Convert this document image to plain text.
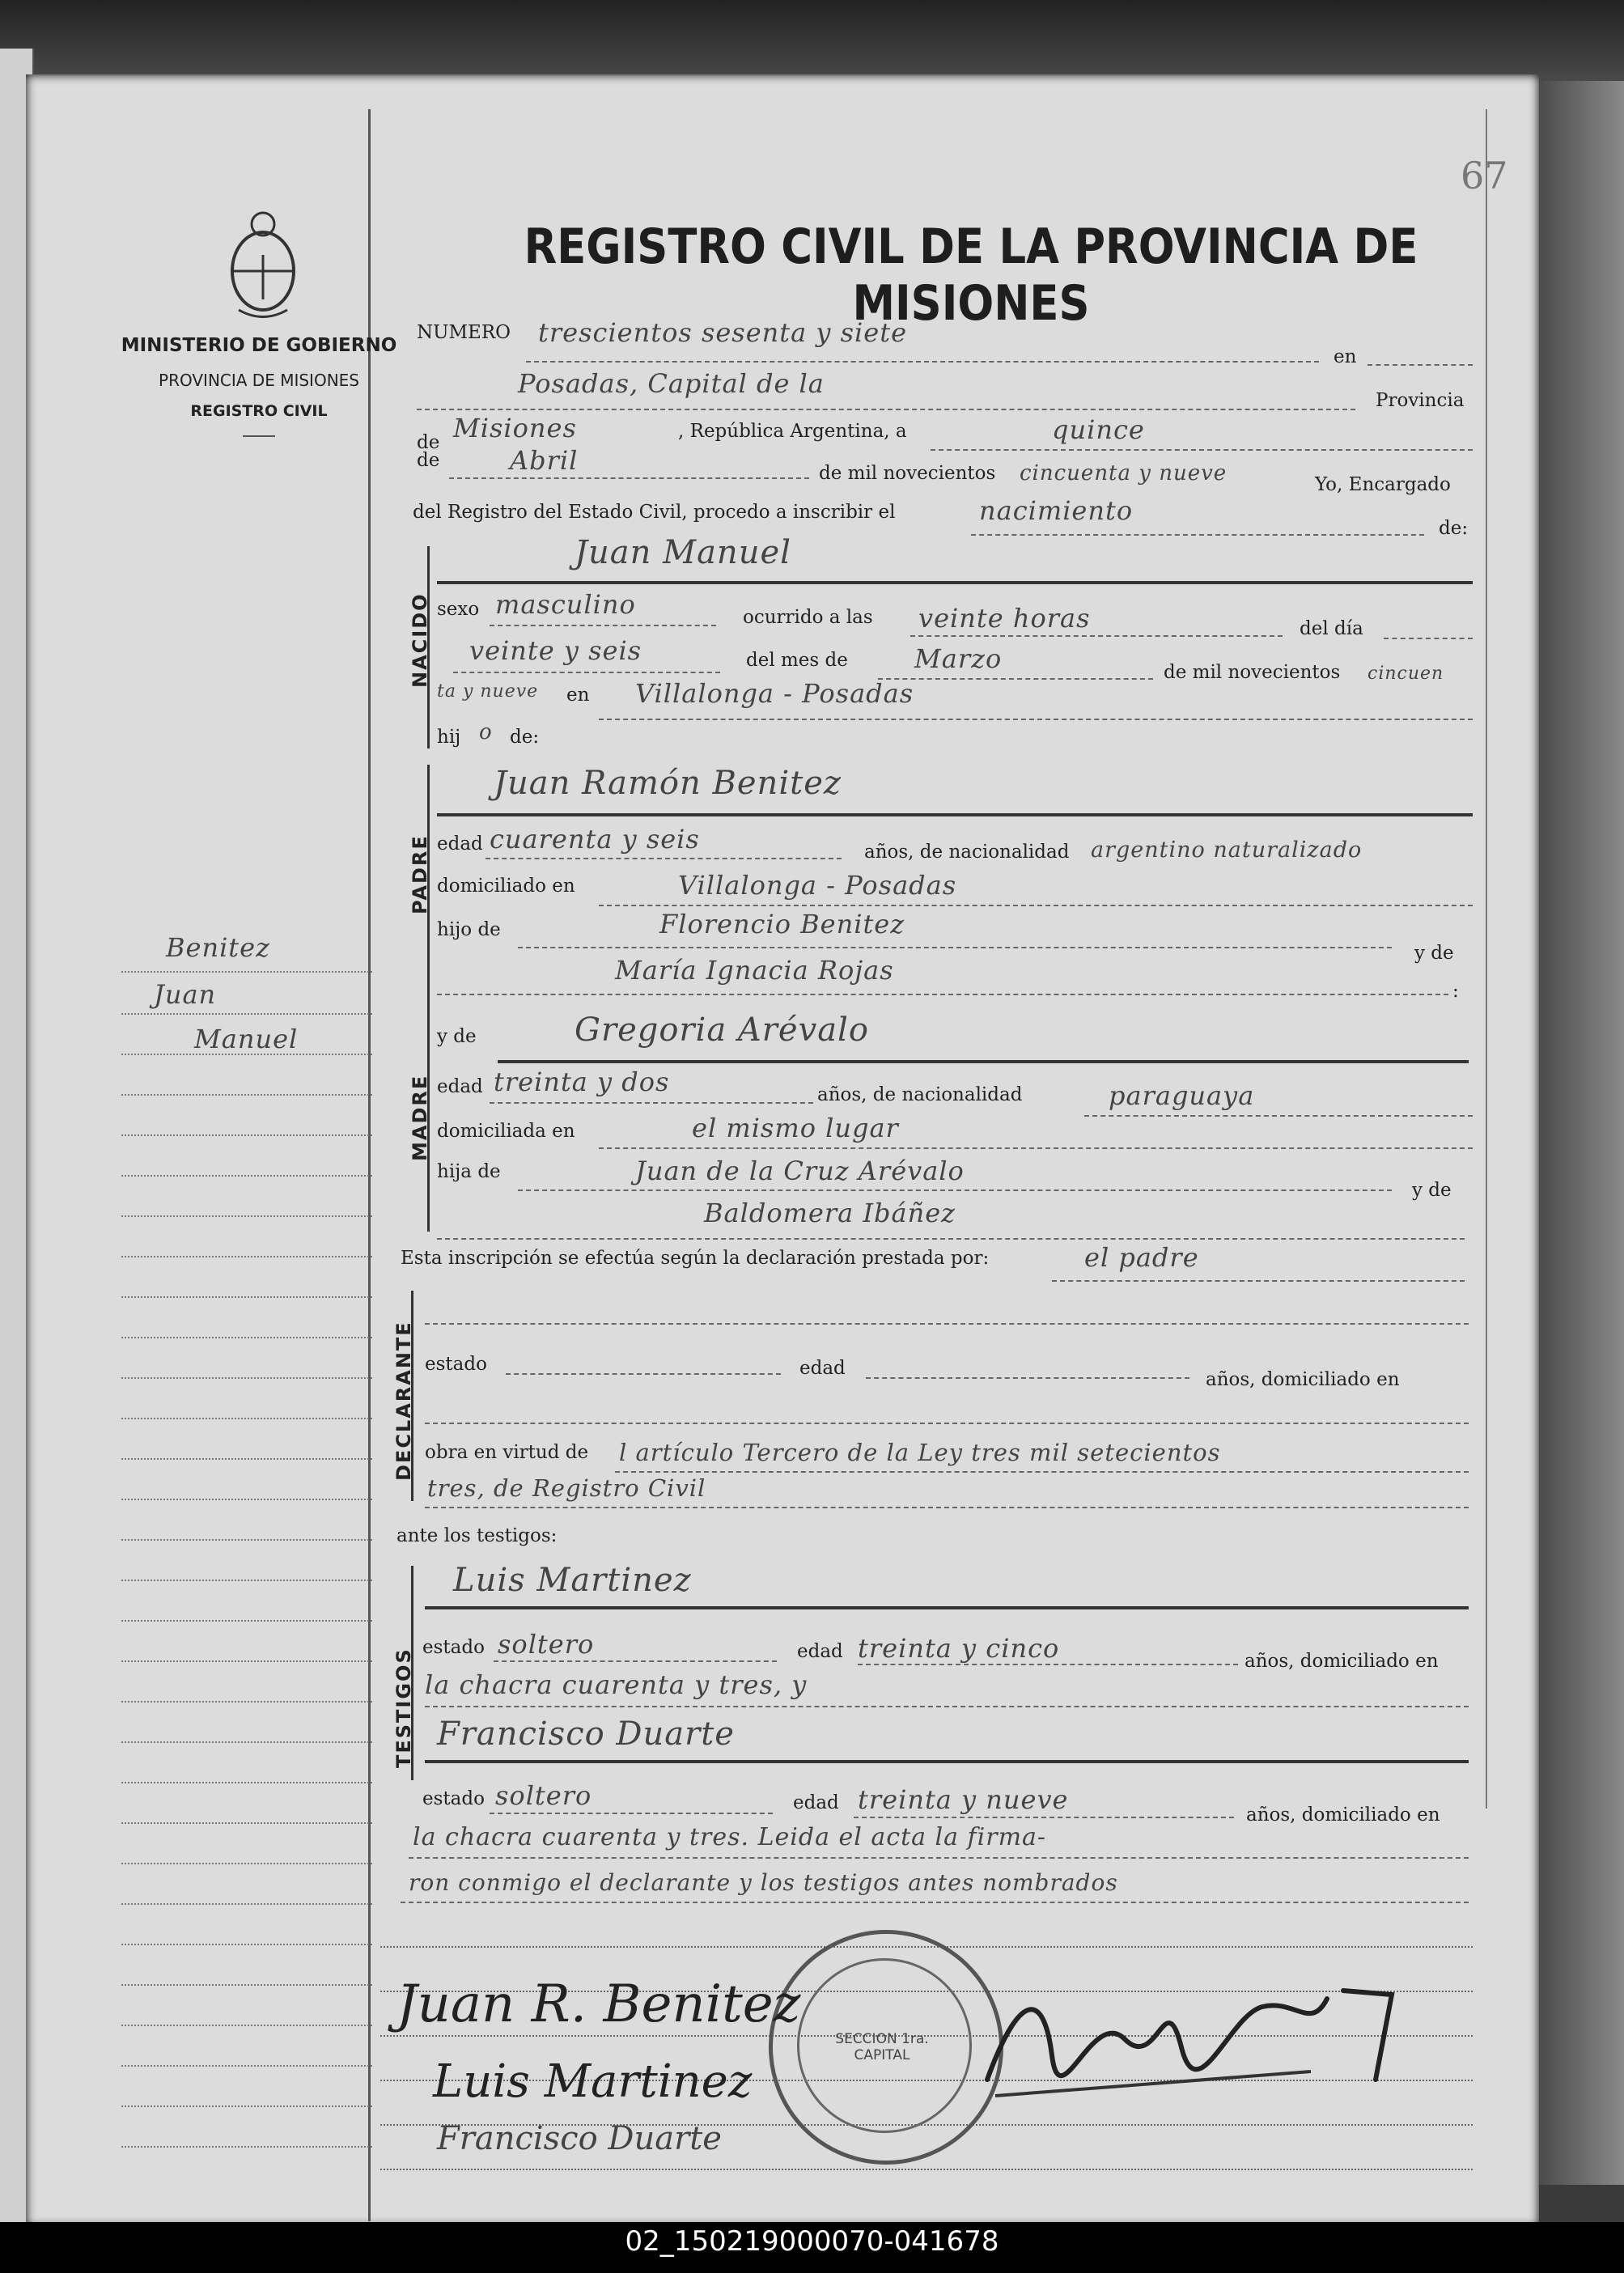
67
MINISTERIO DE GOBIERNO
PROVINCIA DE MISIONES
REGISTRO CIVIL
Benitez
Juan
Manuel
REGISTRO CIVIL DE LA PROVINCIA DE MISIONES
NUMERO trescientos sesenta y siete
en
Posadas, Capital de la
Provincia
de Misiones	, República Argentina, a	quince
de	Abril	de mil novecientos cincuenta y nueve	Yo, Encargado
del Registro del Estado Civil, procedo a inscribir el	nacimiento
de:
NACIDO
Juan Manuel
sexo masculino	ocurrido a las veinte horas	del día
veinte y seis	del mes de	Marzo	de mil novecientos cincuen
ta y nueve en Villalonga - Posadas
hij o de:
PADRE
Juan Ramón Benitez
edad cuarenta y seis	años, de nacionalidad argentino naturalizado
domiciliado en	Villalonga - Posadas
hijo de	Florencio Benitez
y de
María Ignacia Rojas
:
MADRE
y de	Gregoria Arévalo
edad treinta y dos	años, de nacionalidad	paraguaya
domiciliada en	el mismo lugar
hija de	Juan de la Cruz Arévalo
y de
Baldomera Ibáñez
Esta inscripción se efectúa según la declaración prestada por:	el padre
DECLARANTE estado	edad
años, domiciliado en
obra en virtud de l artículo Tercero de la Ley tres mil setecientos
tres, de Registro Civil
ante los testigos:
TESTIGOS
Luis Martinez
estado soltero	edad treinta y cinco	años, domiciliado en
la chacra cuarenta y tres, y
Francisco Duarte
estado soltero	edad treinta y nueve	años, domiciliado en
la chacra cuarenta y tres. Leida el acta la firma-
ron conmigo el declarante y los testigos antes nombrados
SECCION 1ra. CAPITAL
Juan R. Benitez
Luis Martinez
Francisco Duarte
02_150219000070-041678
